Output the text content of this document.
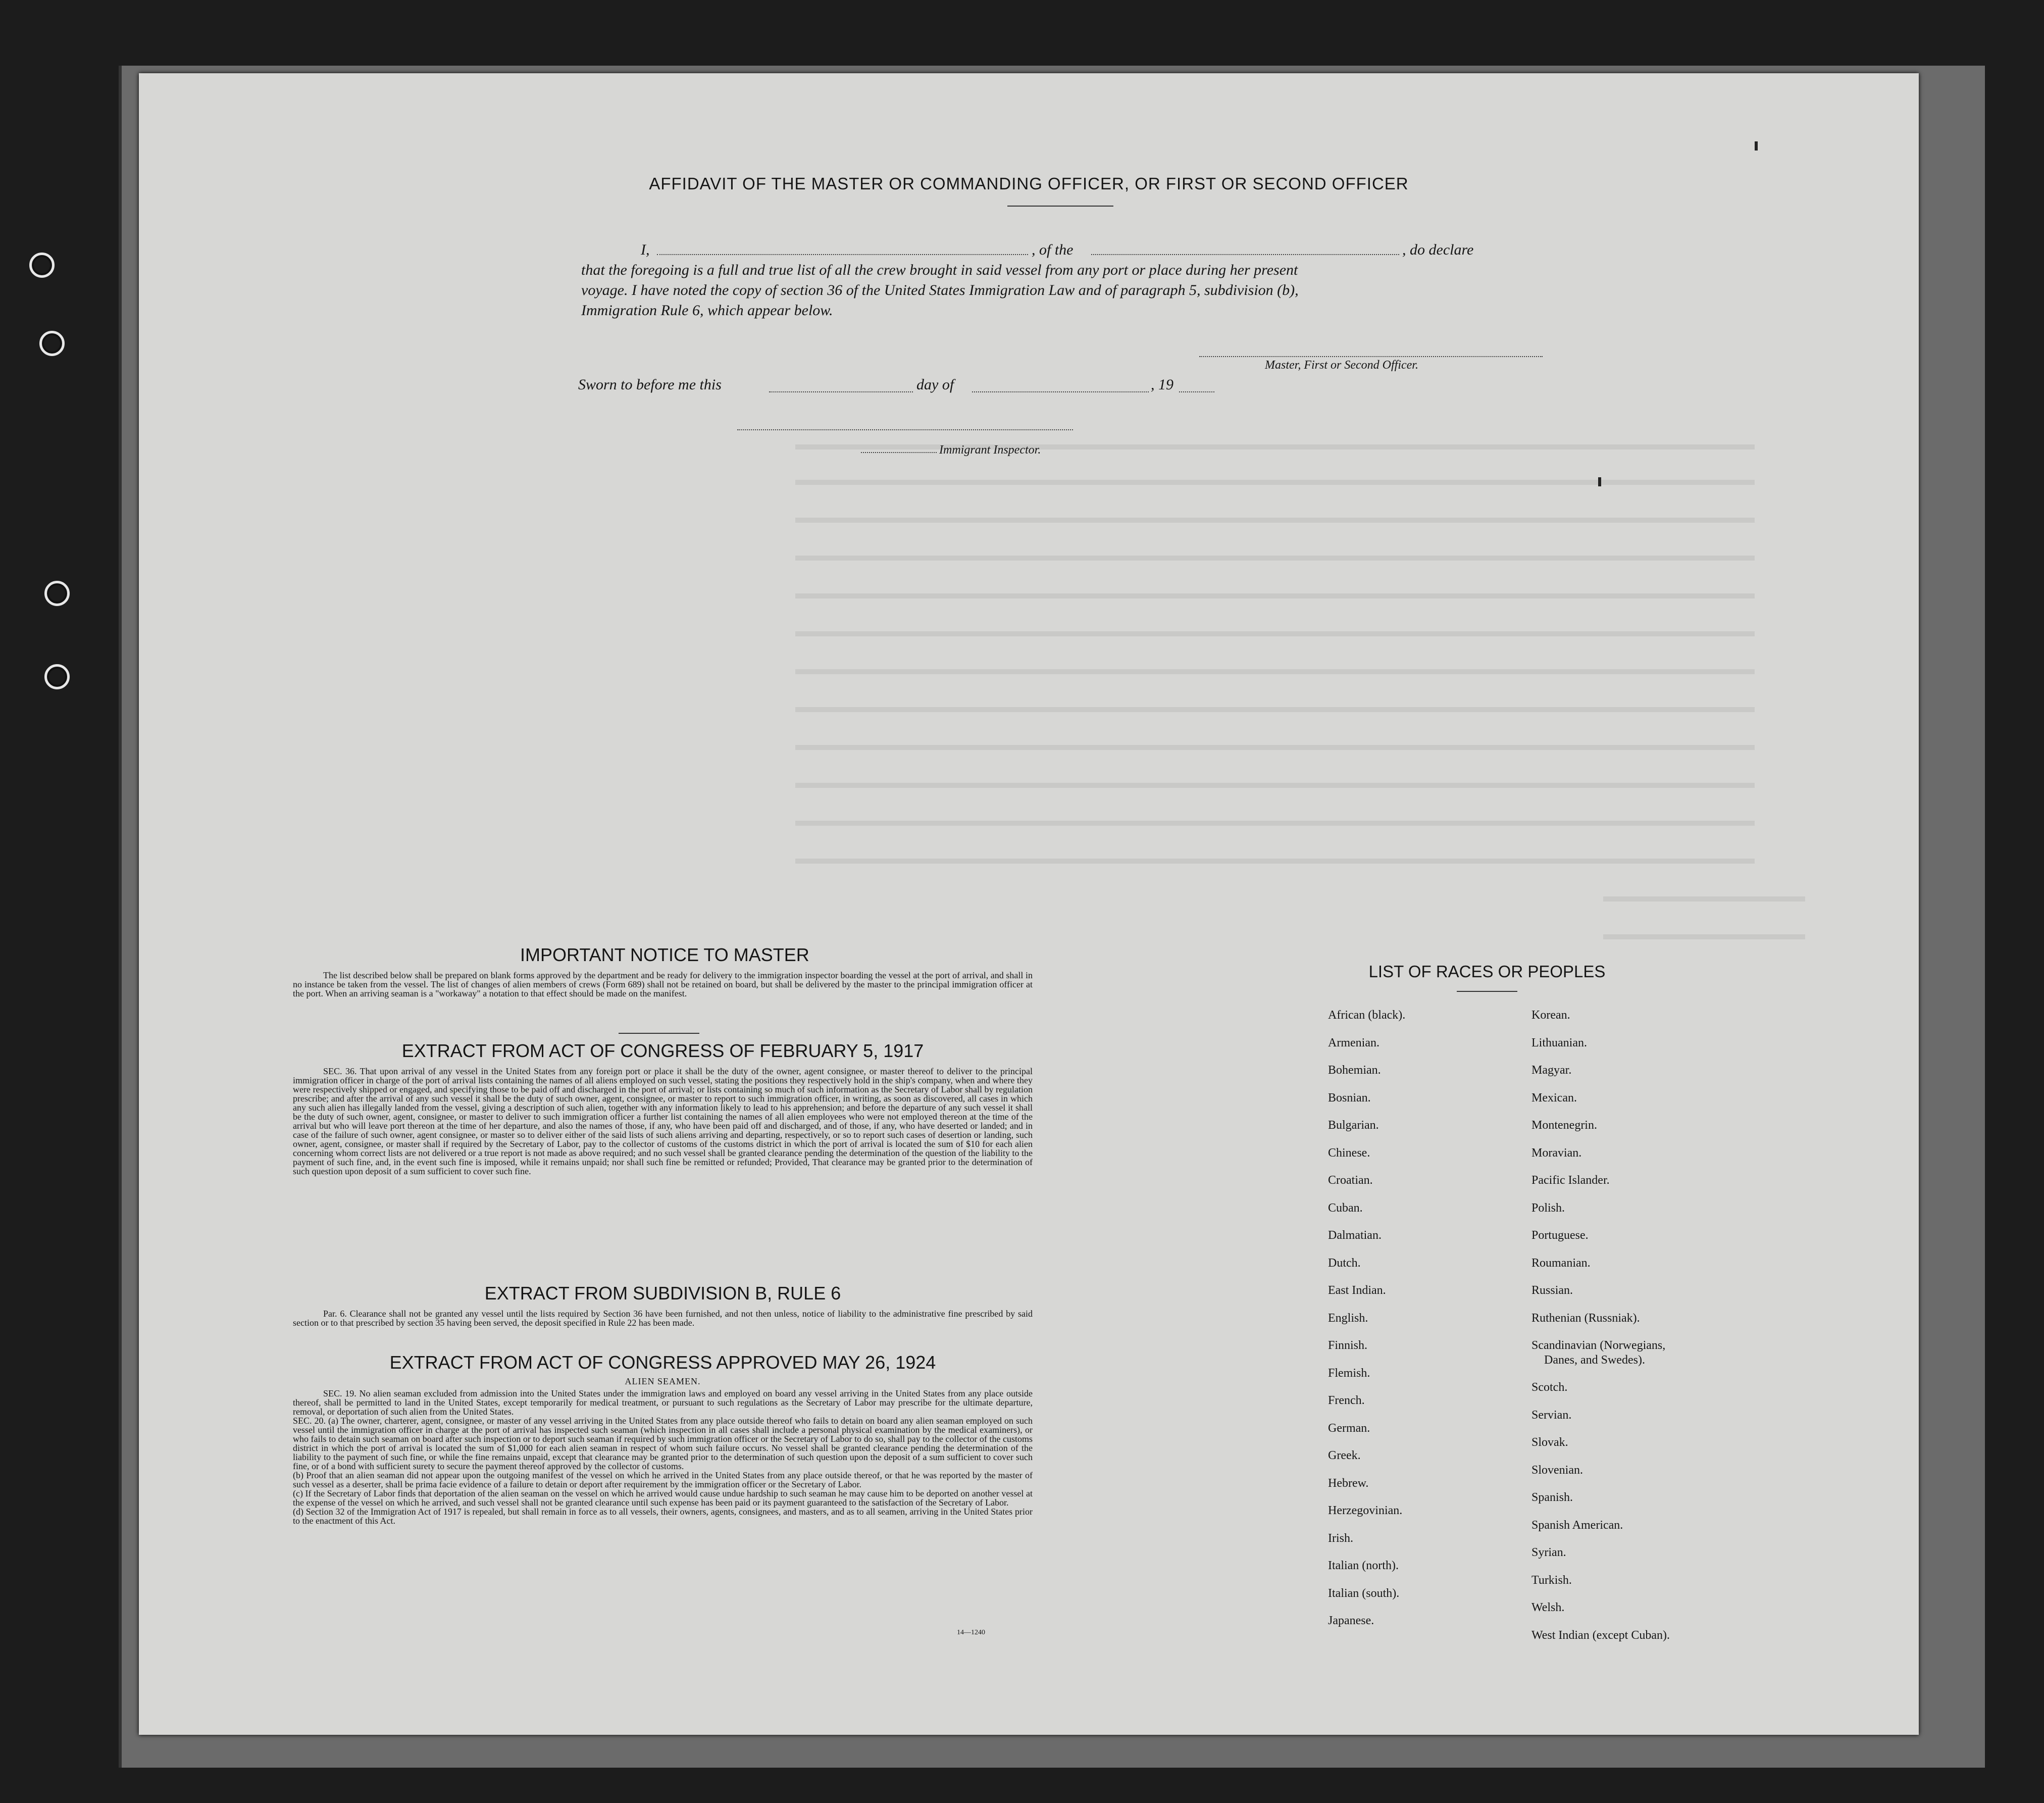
AFFIDAVIT OF THE MASTER OR COMMANDING OFFICER, OR FIRST OR SECOND OFFICER
I,	, of the	, do declare
that the foregoing is a full and true list of all the crew brought in said vessel from any port or place during her present
voyage. I have noted the copy of section 36 of the United States Immigration Law and of paragraph 5, subdivision (b),
Immigration Rule 6, which appear below.
Master, First or Second Officer.
Sworn to before me this	day of	, 19
Immigrant Inspector.
IMPORTANT NOTICE TO MASTER
The list described below shall be prepared on blank forms approved by the department and be ready for delivery to the immigration inspector boarding the vessel at the port of arrival, and shall in no instance be taken from the vessel. The list of changes of alien members of crews (Form 689) shall not be retained on board, but shall be delivered by the master to the principal immigration officer at the port. When an arriving seaman is a "workaway" a notation to that effect should be made on the manifest.
EXTRACT FROM ACT OF CONGRESS OF FEBRUARY 5, 1917
SEC. 36. That upon arrival of any vessel in the United States from any foreign port or place it shall be the duty of the owner, agent consignee, or master thereof to deliver to the principal immigration officer in charge of the port of arrival lists containing the names of all aliens employed on such vessel, stating the positions they respectively hold in the ship's company, when and where they were respectively shipped or engaged, and specifying those to be paid off and discharged in the port of arrival; or lists containing so much of such information as the Secretary of Labor shall by regulation prescribe; and after the arrival of any such vessel it shall be the duty of such owner, agent, consignee, or master to report to such immigration officer, in writing, as soon as discovered, all cases in which any such alien has illegally landed from the vessel, giving a description of such alien, together with any information likely to lead to his apprehension; and before the departure of any such vessel it shall be the duty of such owner, agent, consignee, or master to deliver to such immigration officer a further list containing the names of all alien employees who were not employed thereon at the time of the arrival but who will leave port thereon at the time of her departure, and also the names of those, if any, who have been paid off and discharged, and of those, if any, who have deserted or landed; and in case of the failure of such owner, agent consignee, or master so to deliver either of the said lists of such aliens arriving and departing, respectively, or so to report such cases of desertion or landing, such owner, agent, consignee, or master shall if required by the Secretary of Labor, pay to the collector of customs of the customs district in which the port of arrival is located the sum of $10 for each alien concerning whom correct lists are not delivered or a true report is not made as above required; and no such vessel shall be granted clearance pending the determination of the question of the liability to the payment of such fine, and, in the event such fine is imposed, while it remains unpaid; nor shall such fine be remitted or refunded; Provided, That clearance may be granted prior to the determination of such question upon deposit of a sum sufficient to cover such fine.
EXTRACT FROM SUBDIVISION B, RULE 6
Par. 6. Clearance shall not be granted any vessel until the lists required by Section 36 have been furnished, and not then unless, notice of liability to the administrative fine prescribed by said section or to that prescribed by section 35 having been served, the deposit specified in Rule 22 has been made.
EXTRACT FROM ACT OF CONGRESS APPROVED MAY 26, 1924
ALIEN SEAMEN.
SEC. 19. No alien seaman excluded from admission into the United States under the immigration laws and employed on board any vessel arriving in the United States from any place outside thereof, shall be permitted to land in the United States, except temporarily for medical treatment, or pursuant to such regulations as the Secretary of Labor may prescribe for the ultimate departure, removal, or deportation of such alien from the United States.
SEC. 20. (a) The owner, charterer, agent, consignee, or master of any vessel arriving in the United States from any place outside thereof who fails to detain on board any alien seaman employed on such vessel until the immigration officer in charge at the port of arrival has inspected such seaman (which inspection in all cases shall include a personal physical examination by the medical examiners), or who fails to detain such seaman on board after such inspection or to deport such seaman if required by such immigration officer or the Secretary of Labor to do so, shall pay to the collector of the customs district in which the port of arrival is located the sum of $1,000 for each alien seaman in respect of whom such failure occurs. No vessel shall be granted clearance pending the determination of the liability to the payment of such fine, or while the fine remains unpaid, except that clearance may be granted prior to the determination of such question upon the deposit of a sum sufficient to cover such fine, or of a bond with sufficient surety to secure the payment thereof approved by the collector of customs.
(b) Proof that an alien seaman did not appear upon the outgoing manifest of the vessel on which he arrived in the United States from any place outside thereof, or that he was reported by the master of such vessel as a deserter, shall be prima facie evidence of a failure to detain or deport after requirement by the immigration officer or the Secretary of Labor.
(c) If the Secretary of Labor finds that deportation of the alien seaman on the vessel on which he arrived would cause undue hardship to such seaman he may cause him to be deported on another vessel at the expense of the vessel on which he arrived, and such vessel shall not be granted clearance until such expense has been paid or its payment guaranteed to the satisfaction of the Secretary of Labor.
(d) Section 32 of the Immigration Act of 1917 is repealed, but shall remain in force as to all vessels, their owners, agents, consignees, and masters, and as to all seamen, arriving in the United States prior to the enactment of this Act.
14—1240
LIST OF RACES OR PEOPLES
African (black).
Armenian.
Bohemian.
Bosnian.
Bulgarian.
Chinese.
Croatian.
Cuban.
Dalmatian.
Dutch.
East Indian.
English.
Finnish.
Flemish.
French.
German.
Greek.
Hebrew.
Herzegovinian.
Irish.
Italian (north).
Italian (south).
Japanese.
Korean.
Lithuanian.
Magyar.
Mexican.
Montenegrin.
Moravian.
Pacific Islander.
Polish.
Portuguese.
Roumanian.
Russian.
Ruthenian (Russniak).
Scandinavian (Norwegians,
Danes, and Swedes).
Scotch.
Servian.
Slovak.
Slovenian.
Spanish.
Spanish American.
Syrian.
Turkish.
Welsh.
West Indian (except Cuban).
